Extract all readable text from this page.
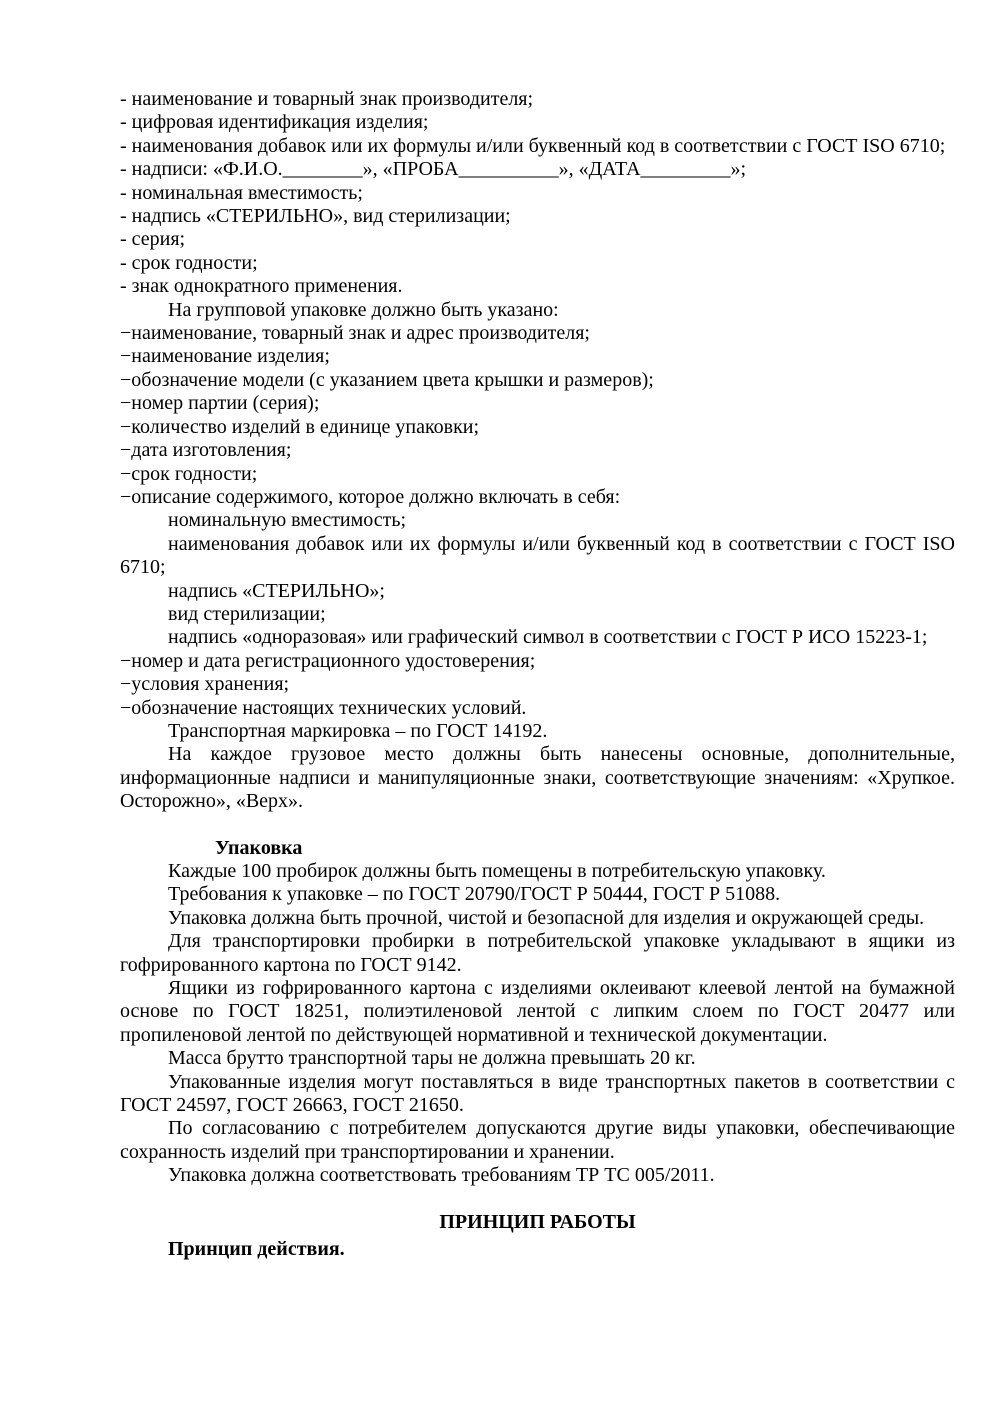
- наименование и товарный знак производителя;

- цифровая идентификация изделия;

- наименования добавок или их формулы и/или буквенный код в соответствии с ГОСТ ISO 6710;

- надписи: «Ф.И.О.________», «ПРОБА__________», «ДАТА_________»;

- номинальная вместимость;

- надпись «СТЕРИЛЬНО», вид стерилизации;

- серия;

- срок годности;

- знак однократного применения.

На групповой упаковке должно быть указано:

−наименование, товарный знак и адрес производителя;

−наименование изделия;

−обозначение модели (с указанием цвета крышки и размеров);

−номер партии (серия);

−количество изделий в единице упаковки;

−дата изготовления;

−срок годности;

−описание содержимого, которое должно включать в себя:

номинальную вместимость;

наименования добавок или их формулы и/или буквенный код в соответствии с ГОСТ ISO 6710;

надпись «СТЕРИЛЬНО»;

вид стерилизации;

надпись «одноразовая» или графический символ в соответствии с ГОСТ Р ИСО 15223-1;

−номер и дата регистрационного удостоверения;

−условия хранения;

−обозначение настоящих технических условий.

Транспортная маркировка – по ГОСТ 14192.

На каждое грузовое место должны быть нанесены основные, дополнительные, информационные надписи и манипуляционные знаки, соответствующие значениям: «Хрупкое. Осторожно», «Верх».

Упаковка

Каждые 100 пробирок должны быть помещены в потребительскую упаковку.

Требования к упаковке – по ГОСТ 20790/ГОСТ Р 50444, ГОСТ Р 51088.

Упаковка должна быть прочной, чистой и безопасной для изделия и окружающей среды.

Для транспортировки пробирки в потребительской упаковке укладывают в ящики из гофрированного картона по ГОСТ 9142.

Ящики из гофрированного картона с изделиями оклеивают клеевой лентой на бумажной основе по ГОСТ 18251, полиэтиленовой лентой с липким слоем по ГОСТ 20477 или пропиленовой лентой по действующей нормативной и технической документации.

Масса брутто транспортной тары не должна превышать 20 кг.

Упакованные изделия могут поставляться в виде транспортных пакетов в соответствии с ГОСТ 24597, ГОСТ 26663, ГОСТ 21650.

По согласованию с потребителем допускаются другие виды упаковки, обеспечивающие сохранность изделий при транспортировании и хранении.

Упаковка должна соответствовать требованиям ТР ТС 005/2011.

ПРИНЦИП РАБОТЫ

Принцип действия.
